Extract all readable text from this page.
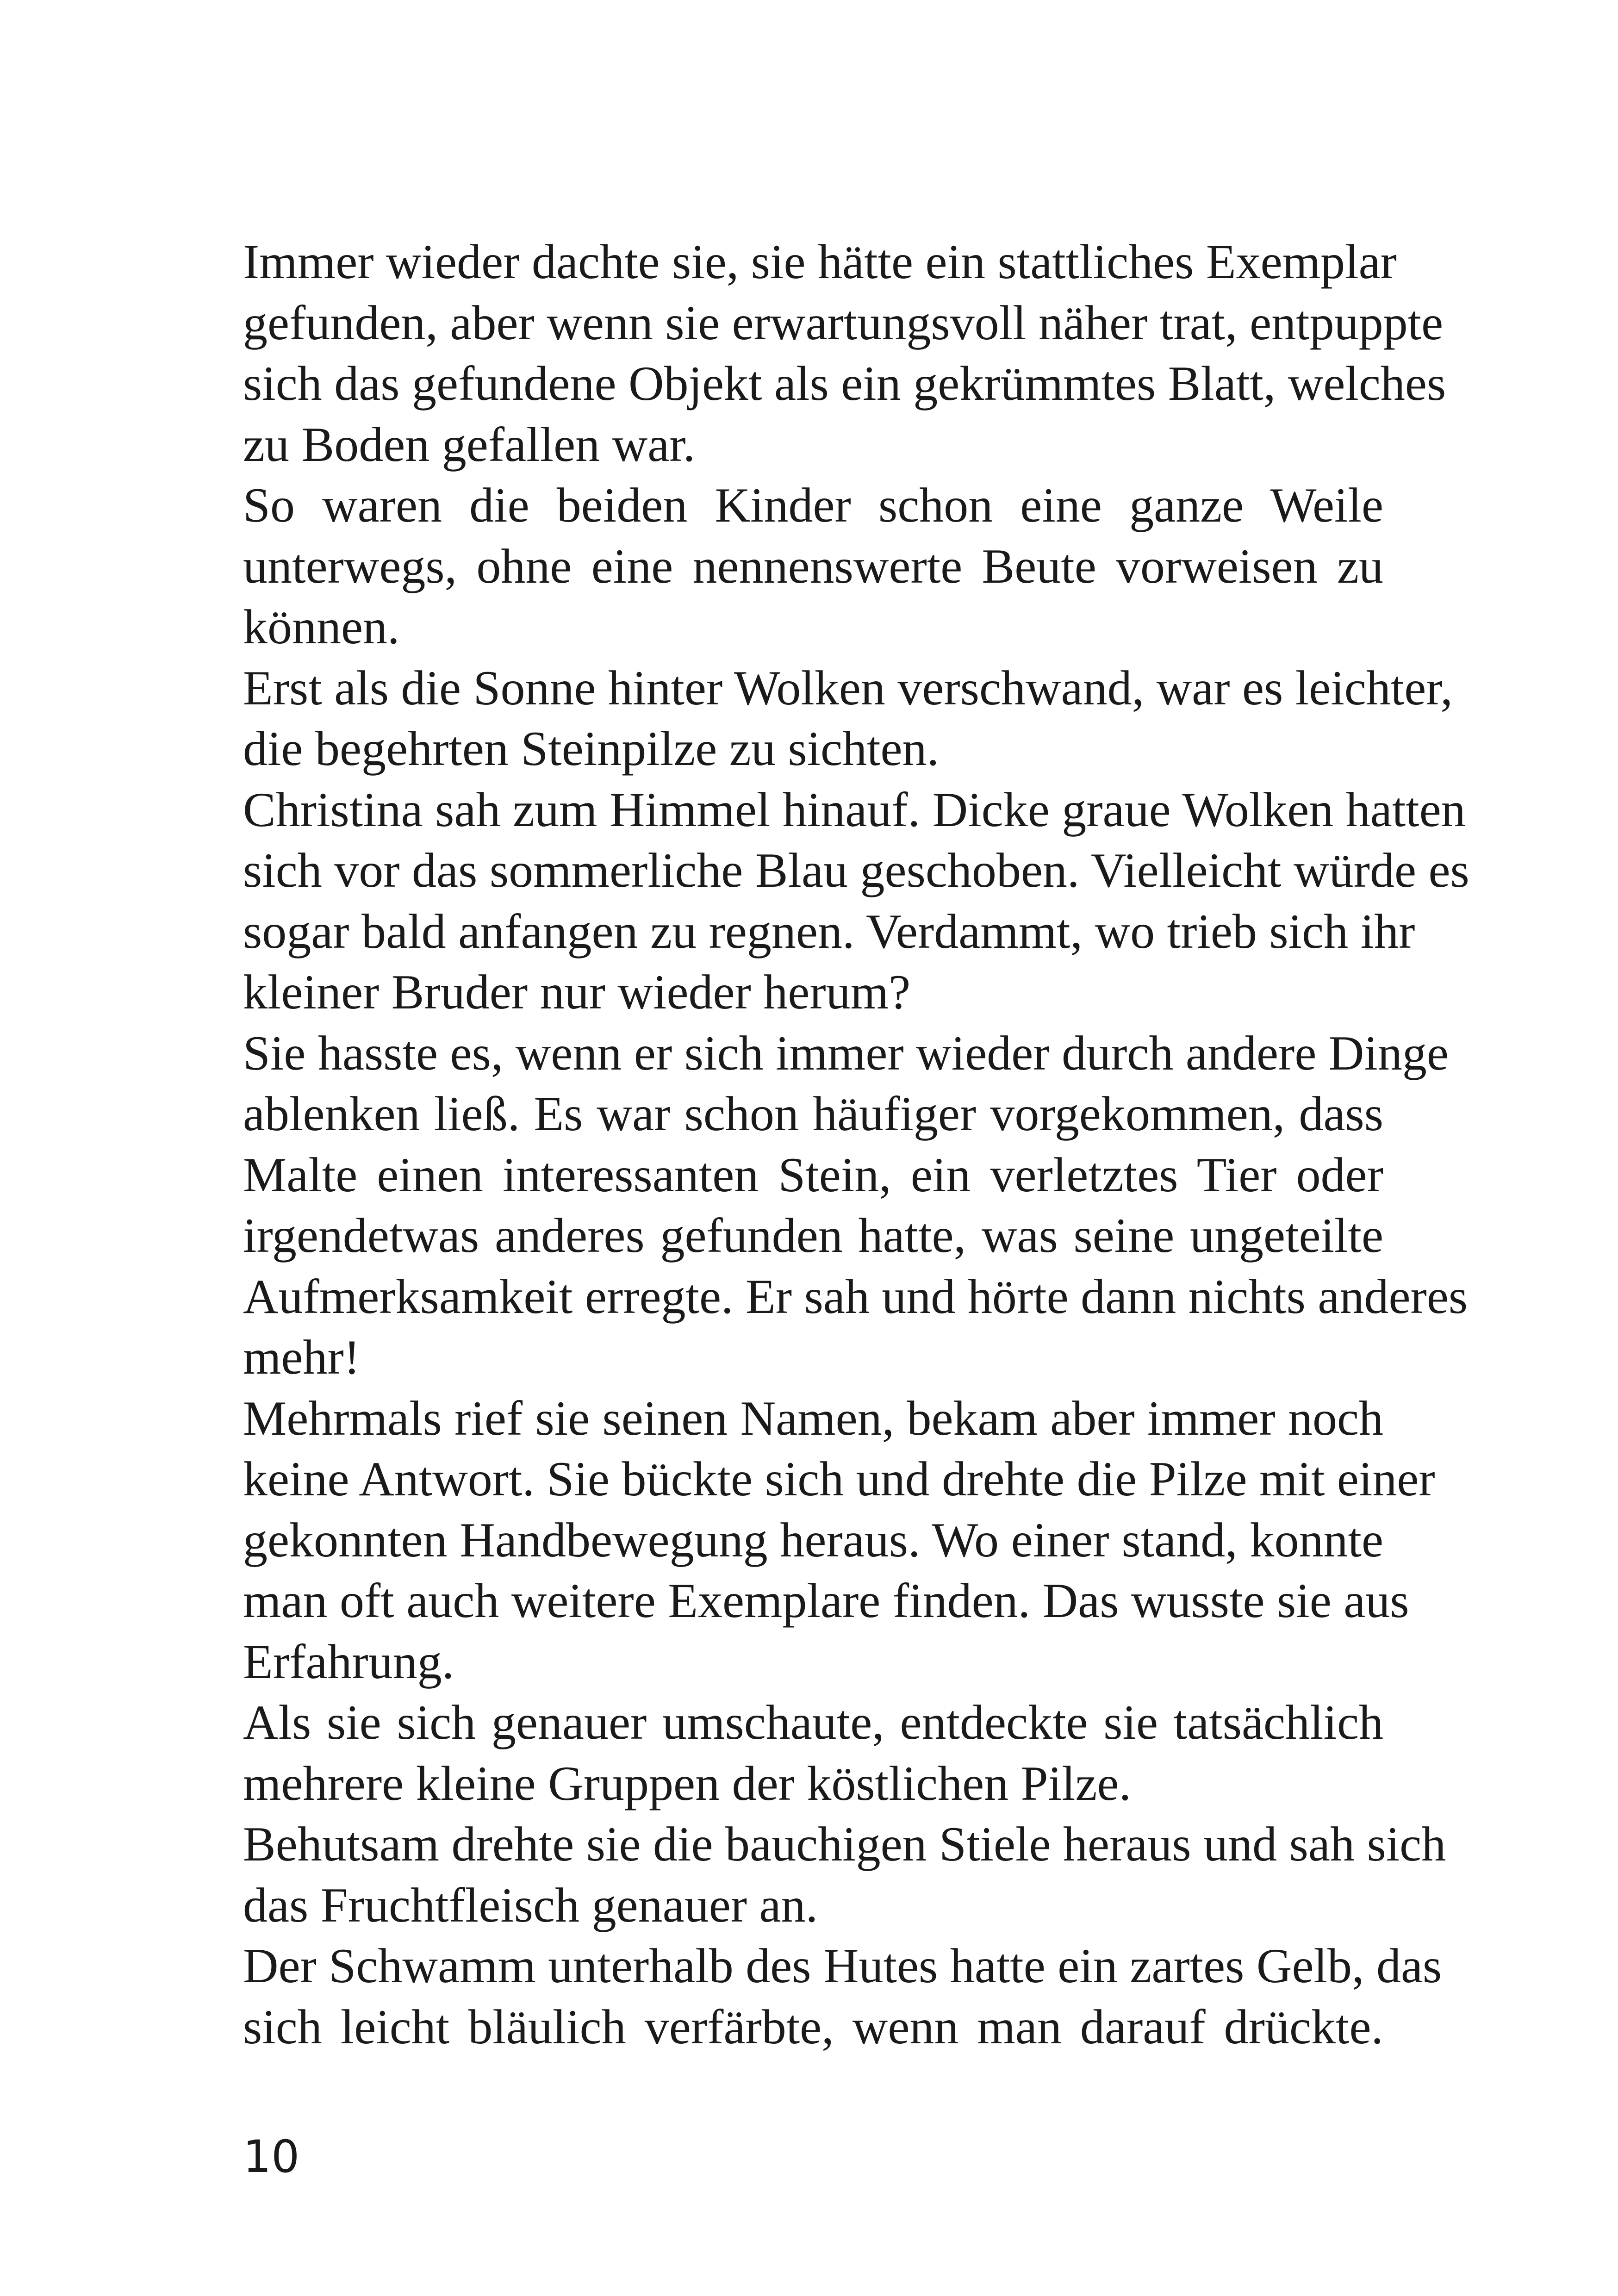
Immer wieder dachte sie, sie hätte ein stattliches Exemplar
gefunden, aber wenn sie erwartungsvoll näher trat, entpuppte
sich das gefundene Objekt als ein gekrümmtes Blatt, welches
zu Boden gefallen war.
So waren die beiden Kinder schon eine ganze Weile
unterwegs, ohne eine nennenswerte Beute vorweisen zu
können.
Erst als die Sonne hinter Wolken verschwand, war es leichter,
die begehrten Steinpilze zu sichten.
Christina sah zum Himmel hinauf. Dicke graue Wolken hatten
sich vor das sommerliche Blau geschoben. Vielleicht würde es
sogar bald anfangen zu regnen. Verdammt, wo trieb sich ihr
kleiner Bruder nur wieder herum?
Sie hasste es, wenn er sich immer wieder durch andere Dinge
ablenken ließ. Es war schon häufiger vorgekommen, dass
Malte einen interessanten Stein, ein verletztes Tier oder
irgendetwas anderes gefunden hatte, was seine ungeteilte
Aufmerksamkeit erregte. Er sah und hörte dann nichts anderes
mehr!
Mehrmals rief sie seinen Namen, bekam aber immer noch
keine Antwort. Sie bückte sich und drehte die Pilze mit einer
gekonnten Handbewegung heraus. Wo einer stand, konnte
man oft auch weitere Exemplare finden. Das wusste sie aus
Erfahrung.
Als sie sich genauer umschaute, entdeckte sie tatsächlich
mehrere kleine Gruppen der köstlichen Pilze.
Behutsam drehte sie die bauchigen Stiele heraus und sah sich
das Fruchtfleisch genauer an.
Der Schwamm unterhalb des Hutes hatte ein zartes Gelb, das
sich leicht bläulich verfärbte, wenn man darauf drückte.
10
